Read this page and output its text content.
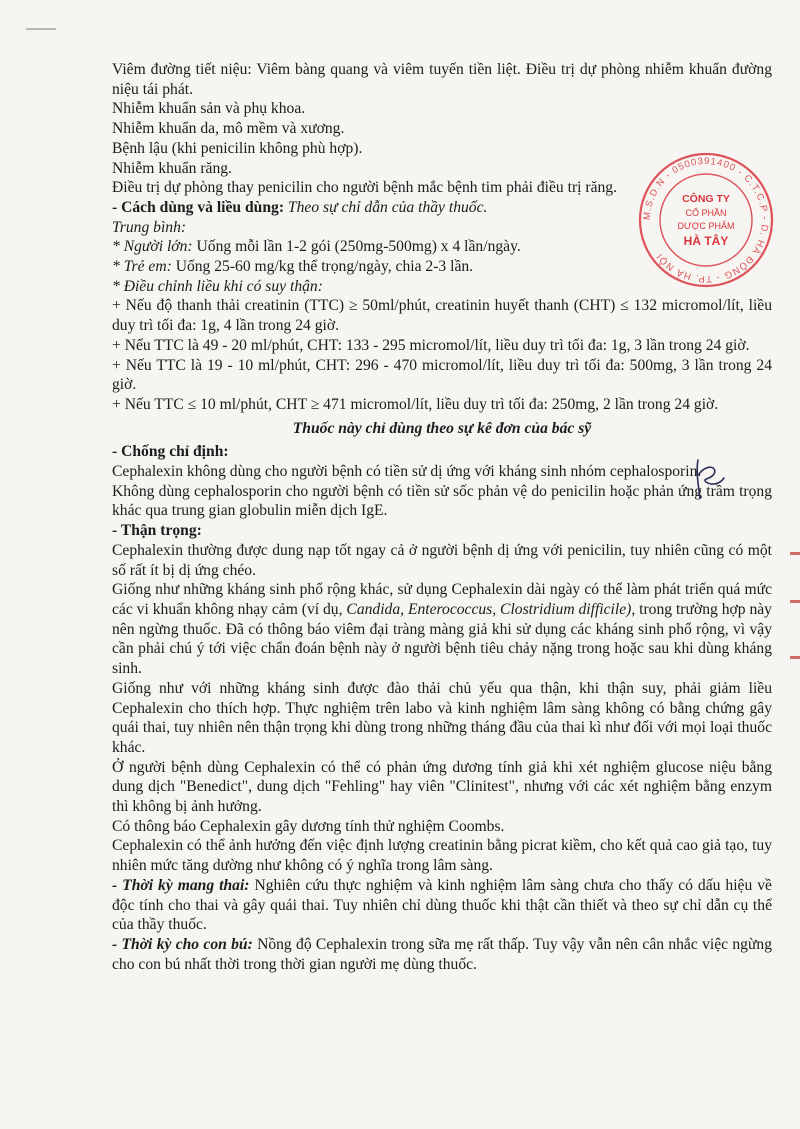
Viêm đường tiết niệu: Viêm bàng quang và viêm tuyến tiền liệt. Điều trị dự phòng nhiễm khuẩn đường niệu tái phát.

Nhiễm khuẩn sản và phụ khoa.

Nhiễm khuẩn da, mô mềm và xương.

Bệnh lậu (khi penicilin không phù hợp).

Nhiễm khuẩn răng.

Điều trị dự phòng thay penicilin cho người bệnh mắc bệnh tim phải điều trị răng.

- Cách dùng và liều dùng: Theo sự chỉ dẫn của thầy thuốc.

Trung bình:

* Người lớn: Uống mỗi lần 1-2 gói (250mg-500mg) x 4 lần/ngày.

* Trẻ em: Uống 25-60 mg/kg thể trọng/ngày, chia 2-3 lần.

* Điều chỉnh liều khi có suy thận:

+ Nếu độ thanh thải creatinin (TTC) ≥ 50ml/phút, creatinin huyết thanh (CHT) ≤ 132 micromol/lít, liều duy trì tối đa: 1g, 4 lần trong 24 giờ.

+ Nếu TTC là 49 - 20 ml/phút, CHT: 133 - 295 micromol/lít, liều duy trì tối đa: 1g, 3 lần trong 24 giờ.

+ Nếu TTC là 19 - 10 ml/phút, CHT: 296 - 470 micromol/lít, liều duy trì tối đa: 500mg, 3 lần trong 24 giờ.

+ Nếu TTC ≤ 10 ml/phút, CHT ≥ 471 micromol/lít, liều duy trì tối đa: 250mg, 2 lần trong 24 giờ.

Thuốc này chỉ dùng theo sự kê đơn của bác sỹ

- Chống chỉ định:

Cephalexin không dùng cho người bệnh có tiền sử dị ứng với kháng sinh nhóm cephalosporin.

Không dùng cephalosporin cho người bệnh có tiền sử sốc phản vệ do penicilin hoặc phản ứng trầm trọng khác qua trung gian globulin miễn dịch IgE.

- Thận trọng:

Cephalexin thường được dung nạp tốt ngay cả ở người bệnh dị ứng với penicilin, tuy nhiên cũng có một số rất ít bị dị ứng chéo.

Giống như những kháng sinh phổ rộng khác, sử dụng Cephalexin dài ngày có thể làm phát triển quá mức các vi khuẩn không nhạy cảm (ví dụ, Candida, Enterococcus, Clostridium difficile), trong trường hợp này nên ngừng thuốc. Đã có thông báo viêm đại tràng màng giả khi sử dụng các kháng sinh phổ rộng, vì vậy cần phải chú ý tới việc chẩn đoán bệnh này ở người bệnh tiêu chảy nặng trong hoặc sau khi dùng kháng sinh.

Giống như với những kháng sinh được đào thải chủ yếu qua thận, khi thận suy, phải giảm liều Cephalexin cho thích hợp. Thực nghiệm trên labo và kinh nghiệm lâm sàng không có bằng chứng gây quái thai, tuy nhiên nên thận trọng khi dùng trong những tháng đầu của thai kì như đối với mọi loại thuốc khác.

Ở người bệnh dùng Cephalexin có thể có phản ứng dương tính giả khi xét nghiệm glucose niệu bằng dung dịch "Benedict", dung dịch "Fehling" hay viên "Clinitest", nhưng với các xét nghiệm bằng enzym thì không bị ảnh hưởng.

Có thông báo Cephalexin gây dương tính thử nghiệm Coombs.

Cephalexin có thể ảnh hưởng đến việc định lượng creatinin bằng picrat kiềm, cho kết quả cao giả tạo, tuy nhiên mức tăng dường như không có ý nghĩa trong lâm sàng.

- Thời kỳ mang thai: Nghiên cứu thực nghiệm và kinh nghiệm lâm sàng chưa cho thấy có dấu hiệu về độc tính cho thai và gây quái thai. Tuy nhiên chỉ dùng thuốc khi thật cần thiết và theo sự chỉ dẫn cụ thể của thầy thuốc.

- Thời kỳ cho con bú: Nồng độ Cephalexin trong sữa mẹ rất thấp. Tuy vậy vẫn nên cân nhắc việc ngừng cho con bú nhất thời trong thời gian người mẹ dùng thuốc.

M.S.D.N - 0500391400 - C.T.C.P - D. HÀ ĐÔNG - TP. HÀ NỘI
CÔNG TY
CỔ PHẦN
DƯỢC PHẨM
HÀ TÂY
